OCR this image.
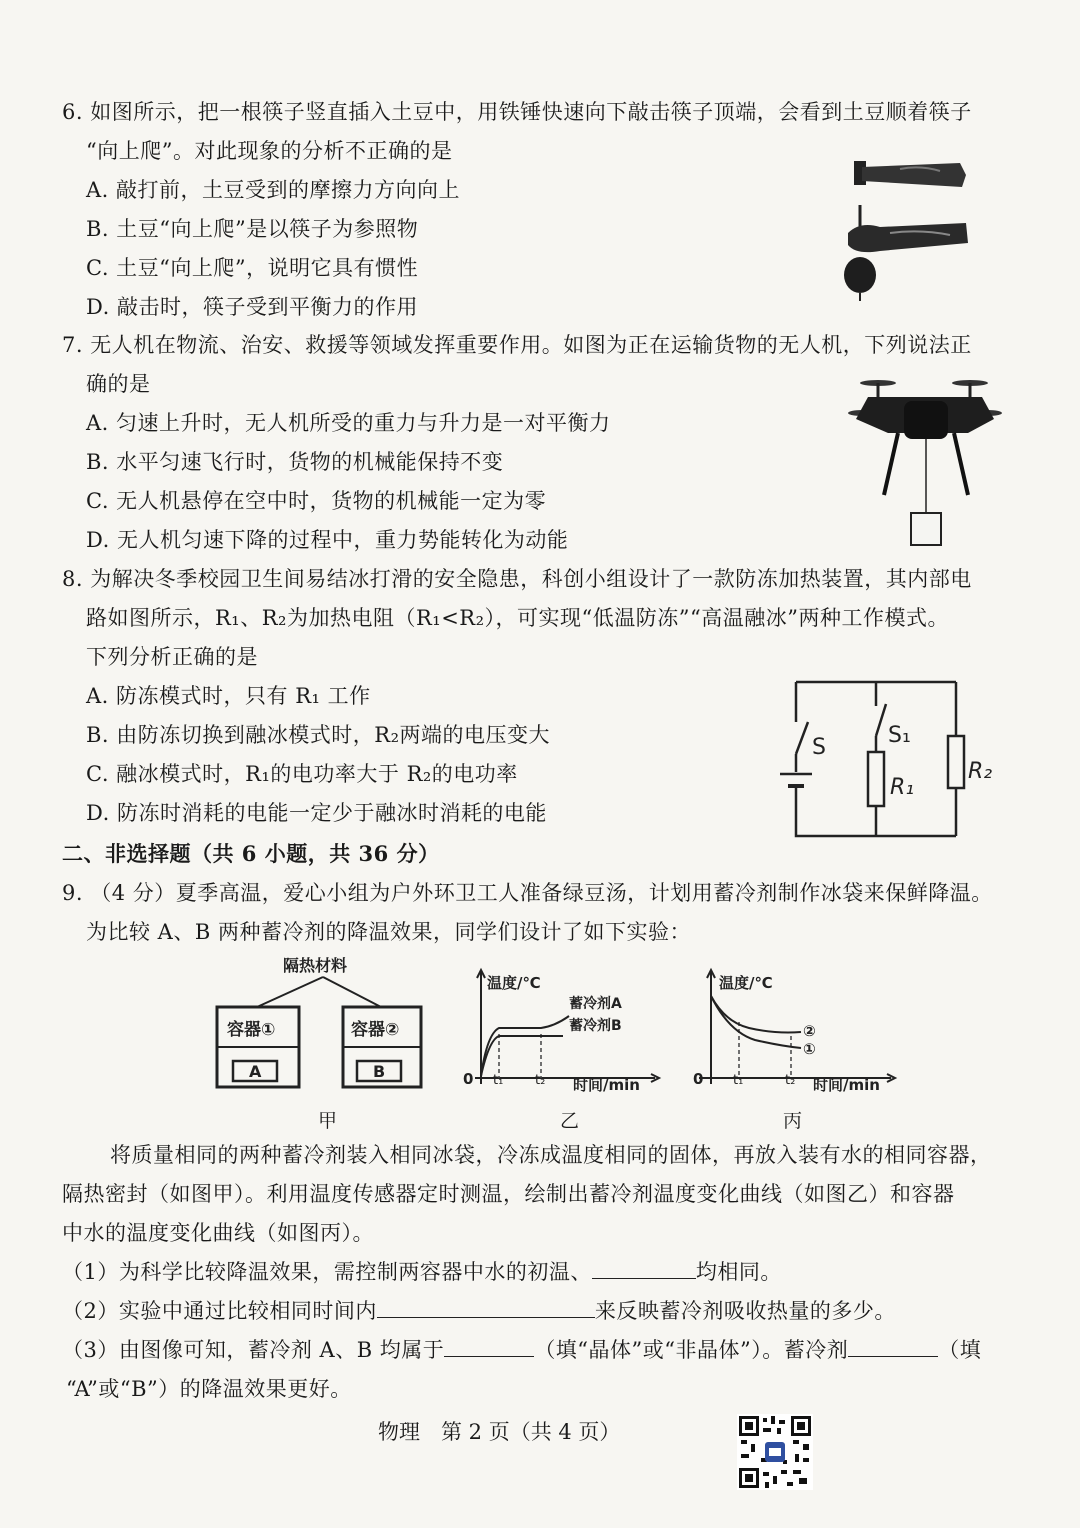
6. 如图所示，把一根筷子竖直插入土豆中，用铁锤快速向下敲击筷子顶端，会看到土豆顺着筷子
“向上爬”。对此现象的分析不正确的是
A. 敲打前，土豆受到的摩擦力方向向上
B. 土豆“向上爬”是以筷子为参照物
C. 土豆“向上爬”，说明它具有惯性
D. 敲击时，筷子受到平衡力的作用
7. 无人机在物流、治安、救援等领域发挥重要作用。如图为正在运输货物的无人机，下列说法正
确的是
A. 匀速上升时，无人机所受的重力与升力是一对平衡力
B. 水平匀速飞行时，货物的机械能保持不变
C. 无人机悬停在空中时，货物的机械能一定为零
D. 无人机匀速下降的过程中，重力势能转化为动能
8. 为解决冬季校园卫生间易结冰打滑的安全隐患，科创小组设计了一款防冻加热装置，其内部电
路如图所示，R₁、R₂为加热电阻（R₁<R₂），可实现“低温防冻”“高温融冰”两种工作模式。
下列分析正确的是
A. 防冻模式时，只有 R₁ 工作
B. 由防冻切换到融冰模式时，R₂两端的电压变大
C. 融冰模式时，R₁的电功率大于 R₂的电功率
D. 防冻时消耗的电能一定少于融冰时消耗的电能
S	S₁
R₁
R₂
二、非选择题（共 6 小题，共 36 分）
9. （4 分）夏季高温，爱心小组为户外环卫工人准备绿豆汤，计划用蓄冷剂制作冰袋来保鲜降温。
为比较 A、B 两种蓄冷剂的降温效果，同学们设计了如下实验：
隔热材料
容器①	容器②
A	B
甲
温度/℃
时间/min
0 t₁ t₂
蓄冷剂A
蓄冷剂B
乙
温度/℃
时间/min
0 t₁	t₂
②
①
丙
将质量相同的两种蓄冷剂装入相同冰袋，冷冻成温度相同的固体，再放入装有水的相同容器，
隔热密封（如图甲）。利用温度传感器定时测温，绘制出蓄冷剂温度变化曲线（如图乙）和容器
中水的温度变化曲线（如图丙）。
（1）为科学比较降温效果，需控制两容器中水的初温、	均相同。
（2）实验中通过比较相同时间内	来反映蓄冷剂吸收热量的多少。
（3）由图像可知，蓄冷剂 A、B 均属于	（填“晶体”或“非晶体”）。蓄冷剂	（填
“A”或“B”）的降温效果更好。
物理　第 2 页（共 4 页）
